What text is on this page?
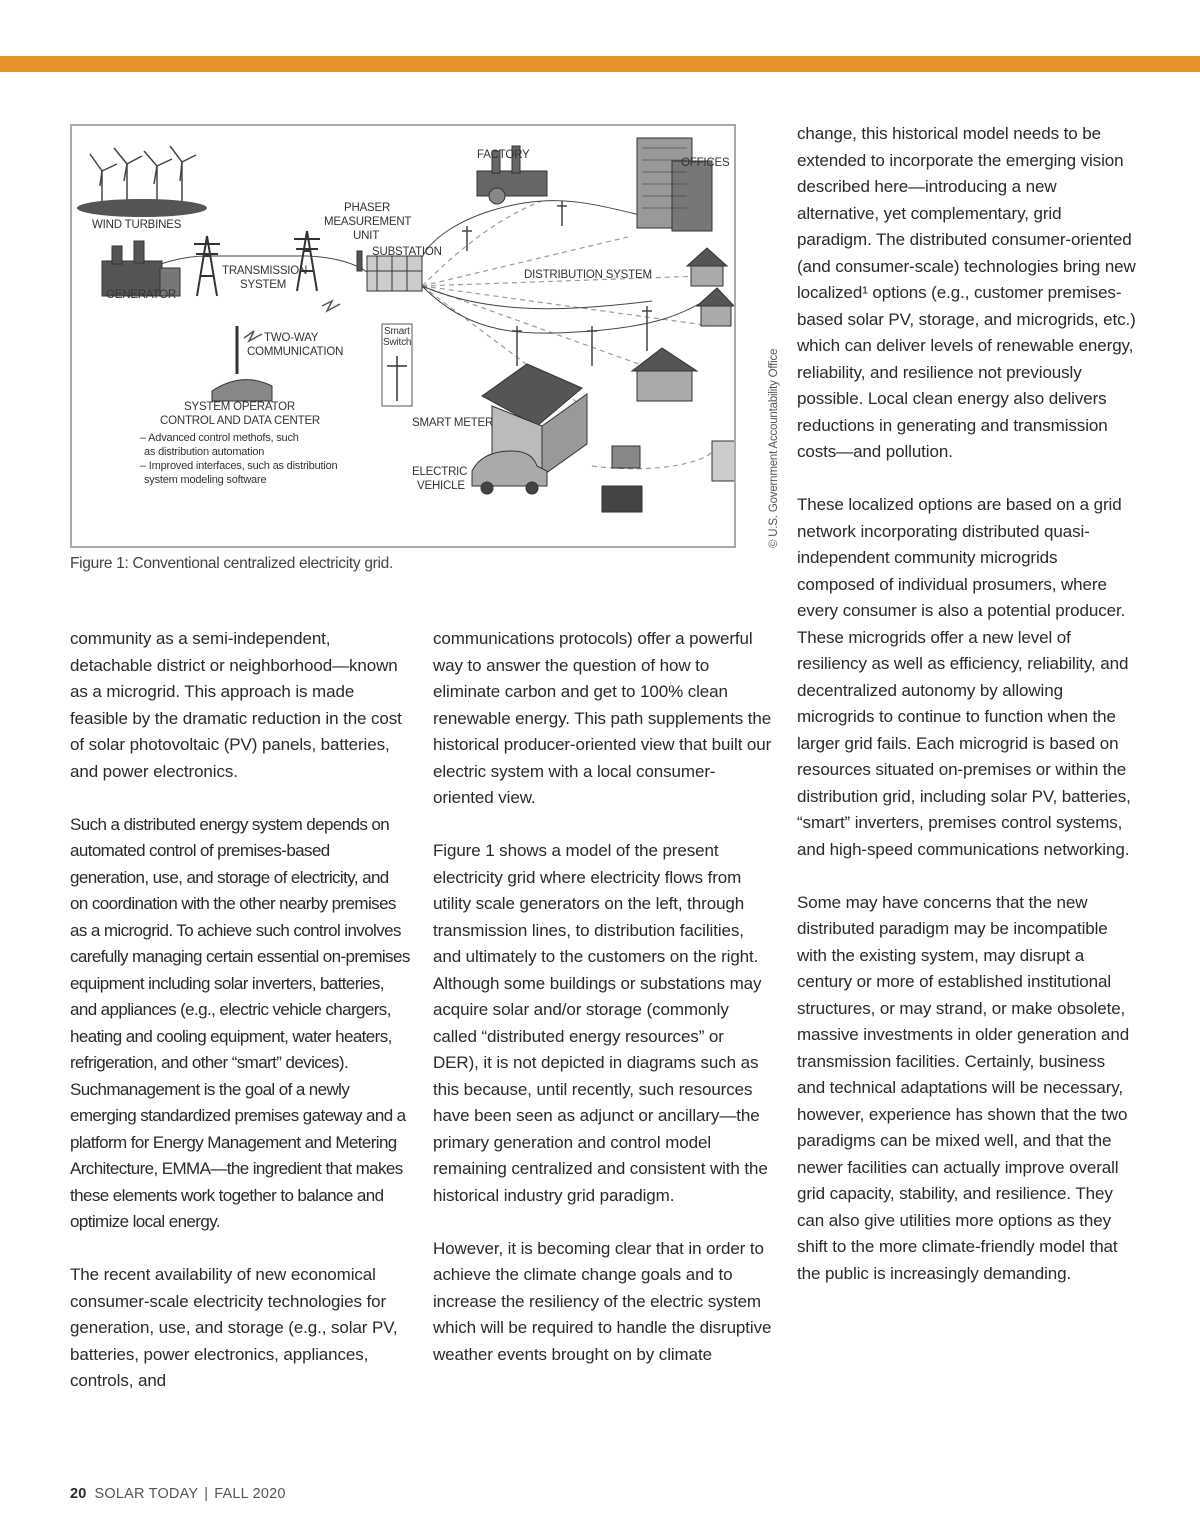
WIND TURBINES
GENERATOR
TRANSMISSION
SYSTEM
PHASER
MEASUREMENT
UNIT
SUBSTATION
FACTORY
OFFICES
DISTRIBUTION SYSTEM
TWO-WAY
COMMUNICATION
Smart
Switch
SYSTEM OPERATOR
CONTROL AND DATA CENTER
– Advanced control methofs, such
as distribution automation
– Improved interfaces, such as distribution
system modeling software
SMART METER
ELECTRIC
VEHICLE	© U.S. Government Accountability Office
Figure 1: Conventional centralized electricity grid.

community as a semi-independent, detachable district or neighborhood—known as a microgrid. This approach is made feasible by the dramatic reduction in the cost of solar photovoltaic (PV) panels, batteries, and power electronics.

Such a distributed energy system depends on automated control of premises-based generation, use, and storage of electricity, and on coordination with the other nearby premises as a microgrid. To achieve such control involves carefully managing certain essential on-premises equipment including solar inverters, batteries, and appliances (e.g., electric vehicle chargers, heating and cooling equipment, water heaters, refrigeration, and other “smart” devices). Suchmanagement is the goal of a newly emerging standardized premises gateway and a platform for Energy Management and Metering Architecture, EMMA—the ingredient that makes these elements work together to balance and optimize local energy.

The recent availability of new economical consumer-scale electricity technologies for generation, use, and storage (e.g., solar PV, batteries, power electronics, appliances, controls, and

communications protocols) offer a powerful way to answer the question of how to eliminate carbon and get to 100% clean renewable energy. This path supplements the historical producer-oriented view that built our electric system with a local consumer-oriented view.

Figure 1 shows a model of the present electricity grid where electricity flows from utility scale generators on the left, through transmission lines, to distribution facilities, and ultimately to the customers on the right. Although some buildings or substations may acquire solar and/or storage (commonly called “distributed energy resources” or DER), it is not depicted in diagrams such as this because, until recently, such resources have been seen as adjunct or ancillary—the primary generation and control model remaining centralized and consistent with the historical industry grid paradigm.

However, it is becoming clear that in order to achieve the climate change goals and to increase the resiliency of the electric system which will be required to handle the disruptive weather events brought on by climate

change, this historical model needs to be extended to incorporate the emerging vision described here—introducing a new alternative, yet complementary, grid paradigm. The distributed consumer-oriented (and consumer-scale) technologies bring new localized¹ options (e.g., customer premises-based solar PV, storage, and microgrids, etc.) which can deliver levels of renewable energy, reliability, and resilience not previously possible. Local clean energy also delivers reductions in generating and transmission costs—and pollution.

These localized options are based on a grid network incorporating distributed quasi-independent community microgrids composed of individual prosumers, where every consumer is also a potential producer. These microgrids offer a new level of resiliency as well as efficiency, reliability, and decentralized autonomy by allowing microgrids to continue to function when the larger grid fails. Each microgrid is based on resources situated on-premises or within the distribution grid, including solar PV, batteries, “smart” inverters, premises control systems, and high-speed communications networking.

Some may have concerns that the new distributed paradigm may be incompatible with the existing system, may disrupt a century or more of established institutional structures, or may strand, or make obsolete, massive investments in older generation and transmission facilities. Certainly, business and technical adaptations will be necessary, however, experience has shown that the two paradigms can be mixed well, and that the newer facilities can actually improve overall grid capacity, stability, and resilience. They can also give utilities more options as they shift to the more climate-friendly model that the public is increasingly demanding.

20 SOLAR TODAY | FALL 2020
